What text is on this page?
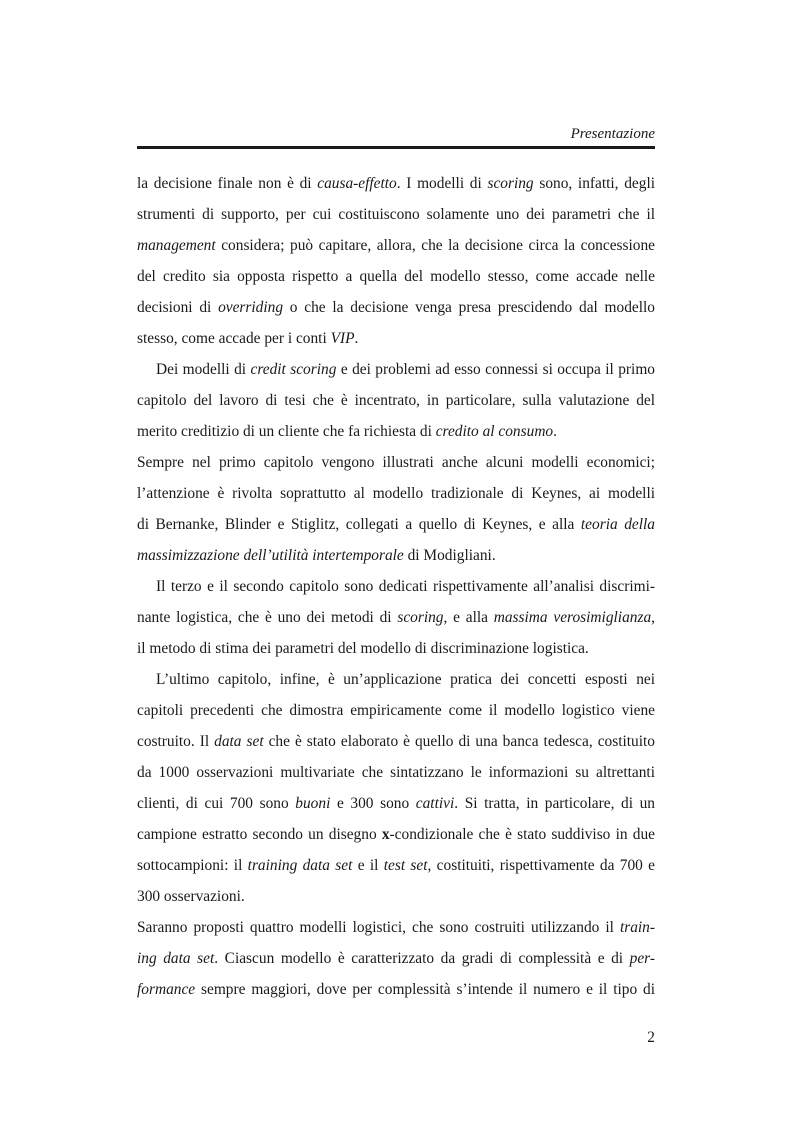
Presentazione
la decisione finale non è di causa-effetto. I modelli di scoring sono, infatti, degli
strumenti di supporto, per cui costituiscono solamente uno dei parametri che il
management considera; può capitare, allora, che la decisione circa la concessione
del credito sia opposta rispetto a quella del modello stesso, come accade nelle
decisioni di overriding o che la decisione venga presa prescidendo dal modello
stesso, come accade per i conti VIP.
Dei modelli di credit scoring e dei problemi ad esso connessi si occupa il primo
capitolo del lavoro di tesi che è incentrato, in particolare, sulla valutazione del
merito creditizio di un cliente che fa richiesta di credito al consumo.
Sempre nel primo capitolo vengono illustrati anche alcuni modelli economici;
l’attenzione è rivolta soprattutto al modello tradizionale di Keynes, ai modelli
di Bernanke, Blinder e Stiglitz, collegati a quello di Keynes, e alla teoria della
massimizzazione dell’utilità intertemporale di Modigliani.
Il terzo e il secondo capitolo sono dedicati rispettivamente all’analisi discrimi-
nante logistica, che è uno dei metodi di scoring, e alla massima verosimiglianza,
il metodo di stima dei parametri del modello di discriminazione logistica.
L’ultimo capitolo, infine, è un’applicazione pratica dei concetti esposti nei
capitoli precedenti che dimostra empiricamente come il modello logistico viene
costruito. Il data set che è stato elaborato è quello di una banca tedesca, costituito
da 1000 osservazioni multivariate che sintatizzano le informazioni su altrettanti
clienti, di cui 700 sono buoni e 300 sono cattivi. Si tratta, in particolare, di un
campione estratto secondo un disegno x-condizionale che è stato suddiviso in due
sottocampioni: il training data set e il test set, costituiti, rispettivamente da 700 e
300 osservazioni.
Saranno proposti quattro modelli logistici, che sono costruiti utilizzando il train-
ing data set. Ciascun modello è caratterizzato da gradi di complessità e di per-
formance sempre maggiori, dove per complessità s’intende il numero e il tipo di
2
